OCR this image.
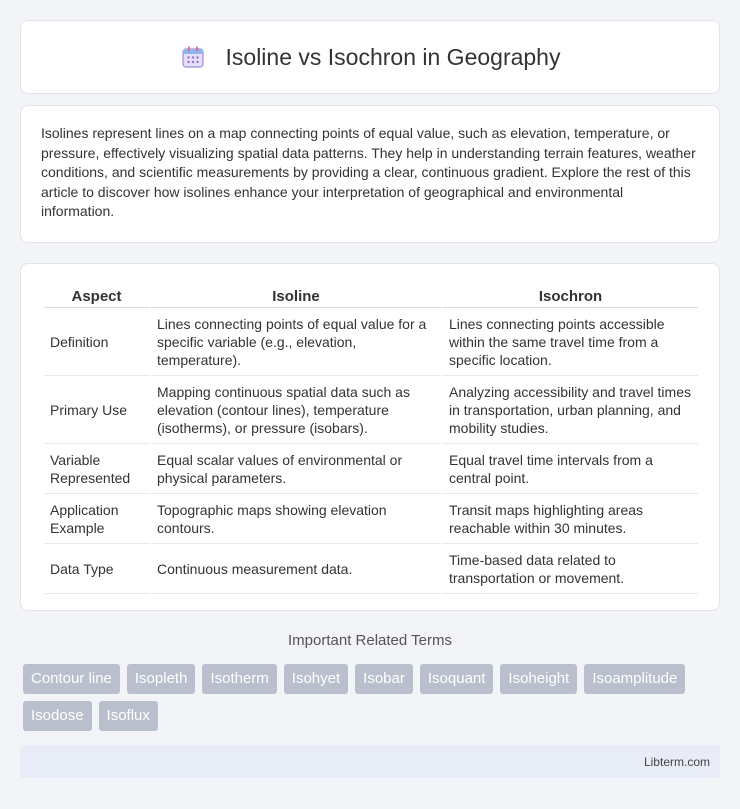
Isoline vs Isochron in Geography

Isolines represent lines on a map connecting points of equal value, such as elevation, temperature, or pressure, effectively visualizing spatial data patterns. They help in understanding terrain features, weather conditions, and scientific measurements by providing a clear, continuous gradient. Explore the rest of this article to discover how isolines enhance your interpretation of geographical and environmental information.

Aspect	Isoline	Isochron
Definition	Lines connecting points of equal value for a specific variable (e.g., elevation, temperature).	Lines connecting points accessible within the same travel time from a specific location.
Primary Use	Mapping continuous spatial data such as elevation (contour lines), temperature (isotherms), or pressure (isobars).	Analyzing accessibility and travel times in transportation, urban planning, and mobility studies.
Variable Represented	Equal scalar values of environmental or physical parameters.	Equal travel time intervals from a central point.
Application Example	Topographic maps showing elevation contours.	Transit maps highlighting areas reachable within 30 minutes.
Data Type	Continuous measurement data.	Time-based data related to transportation or movement.
Important Related Terms
Contour line	Isopleth	Isotherm	Isohyet	Isobar	Isoquant	Isoheight	Isoamplitude
Isodose	Isoflux
Libterm.com
